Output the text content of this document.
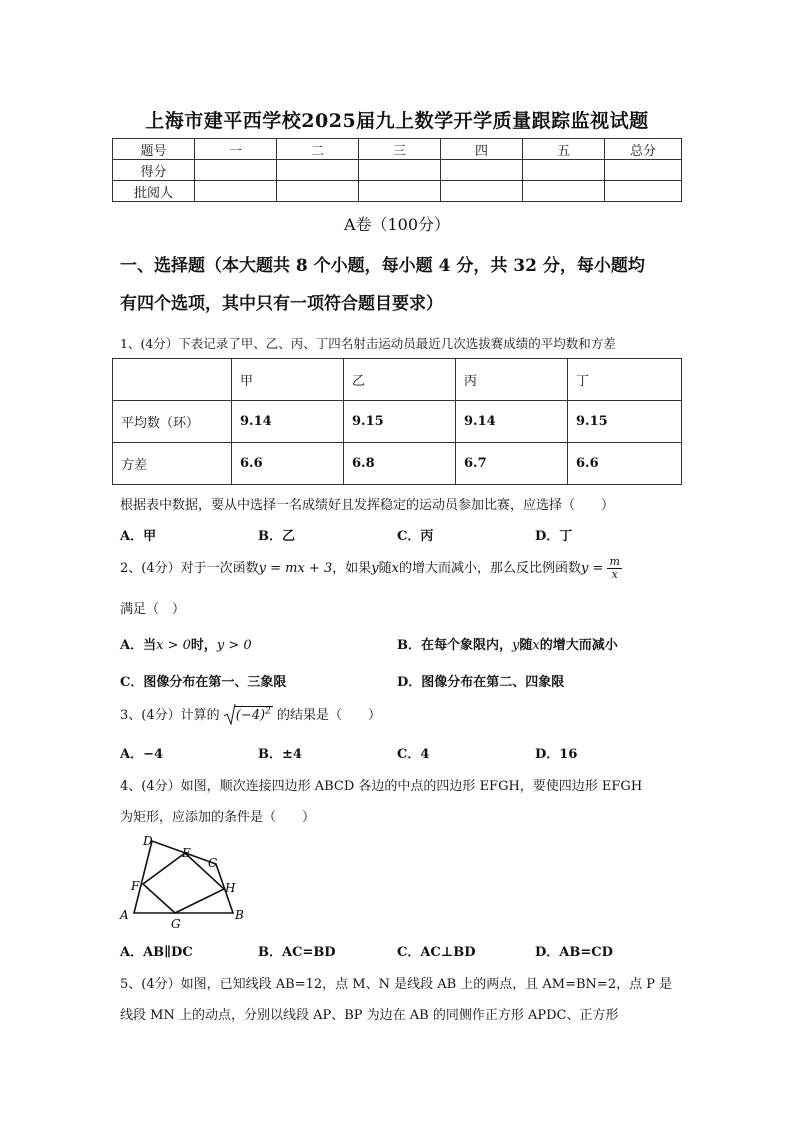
上海市建平西学校2025届九上数学开学质量跟踪监视试题
题号	一	二	三	四	五	总分
得分						
批阅人						
A卷（100分）
一、选择题（本大题共 8 个小题，每小题 4 分，共 32 分，每小题均
有四个选项，其中只有一项符合题目要求）
1、(4分）下表记录了甲、乙、丙、丁四名射击运动员最近几次选拔赛成绩的平均数和方差
	甲	乙	丙	丁
平均数（环）	9.14	9.15	9.14	9.15
方差	6.6	6.8	6.7	6.6
根据表中数据，要从中选择一名成绩好且发挥稳定的运动员参加比赛，应选择（　　）
A．甲	B．乙	C．丙	D．丁
2、(4分）对于一次函数y = mx + 3，如果y随x的增大而减小，那么反比例函数$y = \frac{m}{x}$
满足（　）
A．当x > 0时，y > 0	B．在每个象限内，y随x的增大而减小
C．图像分布在第一、三象限	D．图像分布在第二、四象限
3、(4分）计算的 $(-4)^2$ 的结果是（　　）
A．−4	B．±4	C．4	D．16
4、(4分）如图，顺次连接四边形 ABCD 各边的中点的四边形 EFGH，要使四边形 EFGH
为矩形，应添加的条件是（　　）
D
E
C
F	H
A
G
B
A．AB∥DC	B．AC=BD	C．AC⊥BD	D．AB=CD
5、(4分）如图，已知线段 AB=12，点 M、N 是线段 AB 上的两点，且 AM=BN=2，点 P 是
线段 MN 上的动点，分别以线段 AP、BP 为边在 AB 的同侧作正方形 APDC、正方形
